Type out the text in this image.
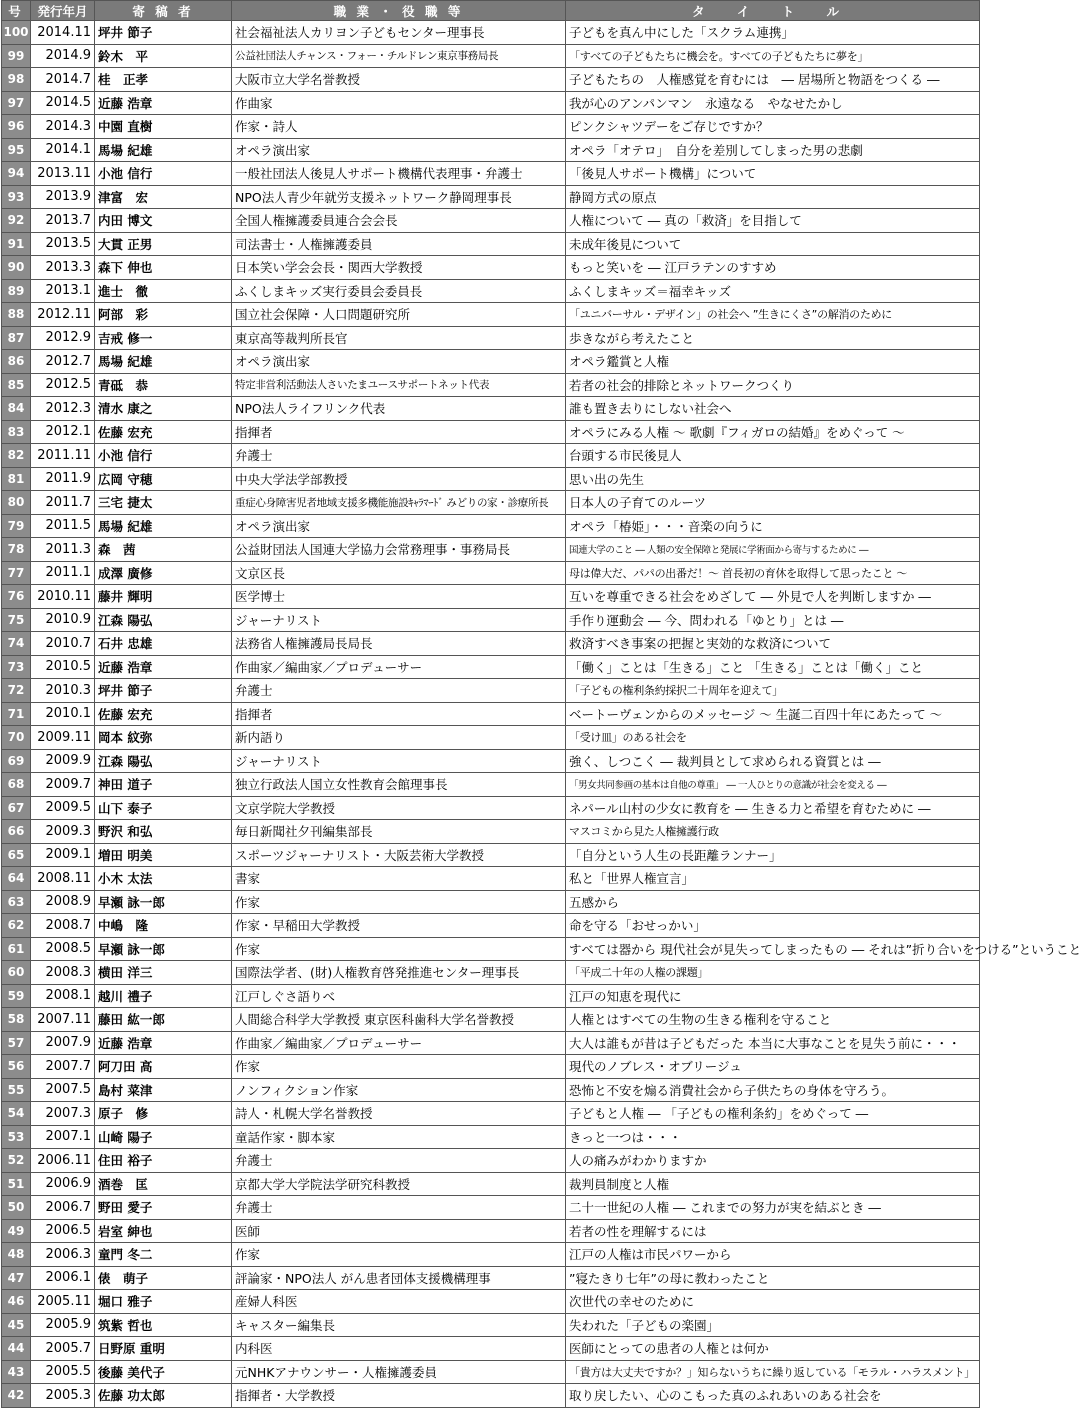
号	発行年月	寄 稿 者	職 業 ・ 役 職 等	タ イ ト ル
100	2014.11	坪井 節子	社会福祉法人カリヨン子どもセンター理事長	子どもを真ん中にした「スクラム連携」
99	2014.9	鈴木　平	公益社団法人チャンス・フォー・チルドレン東京事務局長	「すべての子どもたちに機会を。すべての子どもたちに夢を」
98	2014.7	桂　正孝	大阪市立大学名誉教授	子どもたちの　人権感覚を育むには　― 居場所と物語をつくる ―
97	2014.5	近藤 浩章	作曲家	我が心のアンパンマン　永遠なる　やなせたかし
96	2014.3	中園 直樹	作家・詩人	ピンクシャツデーをご存じですか？
95	2014.1	馬場 紀雄	オペラ演出家	オペラ「オテロ」　自分を差別してしまった男の悲劇
94	2013.11	小池 信行	一般社団法人後見人サポート機構代表理事・弁護士	「後見人サポート機構」について
93	2013.9	津富　宏	NPO法人青少年就労支援ネットワーク静岡理事長	静岡方式の原点
92	2013.7	内田 博文	全国人権擁護委員連合会会長	人権について ― 真の「救済」を目指して
91	2013.5	大貫 正男	司法書士・人権擁護委員	未成年後見について
90	2013.3	森下 伸也	日本笑い学会会長・関西大学教授	もっと笑いを ― 江戸ラテンのすすめ
89	2013.1	進士　徹	ふくしまキッズ実行委員会委員長	ふくしまキッズ＝福幸キッズ
88	2012.11	阿部　彩	国立社会保障・人口問題研究所	「ユニバーサル・デザイン」の社会へ ”生きにくさ”の解消のために
87	2012.9	吉戒 修一	東京高等裁判所長官	歩きながら考えたこと
86	2012.7	馬場 紀雄	オペラ演出家	オペラ鑑賞と人権
85	2012.5	青砥　恭	特定非営利活動法人さいたまユースサポートネット代表	若者の社会的排除とネットワークつくり
84	2012.3	清水 康之	NPO法人ライフリンク代表	誰も置き去りにしない社会へ
83	2012.1	佐藤 宏充	指揮者	オペラにみる人権 ～ 歌劇『フィガロの結婚』をめぐって ～
82	2011.11	小池 信行	弁護士	台頭する市民後見人
81	2011.9	広岡 守穂	中央大学法学部教授	思い出の先生
80	2011.7	三宅 捷太	重症心身障害児者地域支援多機能施設ｷｬﾗﾏｰﾄﾞ みどりの家・診療所長	日本人の子育てのルーツ
79	2011.5	馬場 紀雄	オペラ演出家	オペラ「椿姫」・・・音楽の向うに
78	2011.3	森　茜	公益財団法人国連大学協力会常務理事・事務局長	国連大学のこと ― 人類の安全保障と発展に学術面から寄与するために ―
77	2011.1	成澤 廣修	文京区長	母は偉大だ、パパの出番だ！～ 首長初の育休を取得して思ったこと ～
76	2010.11	藤井 輝明	医学博士	互いを尊重できる社会をめざして ― 外見で人を判断しますか ―
75	2010.9	江森 陽弘	ジャーナリスト	手作り運動会 ― 今、問われる「ゆとり」とは ―
74	2010.7	石井 忠雄	法務省人権擁護局長局長	救済すべき事案の把握と実効的な救済について
73	2010.5	近藤 浩章	作曲家／編曲家／プロデューサー	「働く」ことは「生きる」こと 「生きる」ことは「働く」こと
72	2010.3	坪井 節子	弁護士	「子どもの権利条約採択二十周年を迎えて」
71	2010.1	佐藤 宏充	指揮者	ベートーヴェンからのメッセージ ～ 生誕二百四十年にあたって ～
70	2009.11	岡本 紋弥	新内語り	「受け皿」のある社会を
69	2009.9	江森 陽弘	ジャーナリスト	強く、しつこく ― 裁判員として求められる資質とは ―
68	2009.7	神田 道子	独立行政法人国立女性教育会館理事長	「男女共同参画の基本は自他の尊重」 ― 一人ひとりの意識が社会を変える ―
67	2009.5	山下 泰子	文京学院大学教授	ネパール山村の少女に教育を ― 生きる力と希望を育むために ―
66	2009.3	野沢 和弘	毎日新聞社夕刊編集部長	マスコミから見た人権擁護行政
65	2009.1	増田 明美	スポーツジャーナリスト・大阪芸術大学教授	「自分という人生の長距離ランナー」
64	2008.11	小木 太法	書家	私と「世界人権宣言」
63	2008.9	早瀬 詠一郎	作家	五感から
62	2008.7	中嶋　隆	作家・早稲田大学教授	命を守る「おせっかい」
61	2008.5	早瀬 詠一郎	作家	すべては器から 現代社会が見失ってしまったもの ― それは”折り合いをつける”ということ
60	2008.3	横田 洋三	国際法学者、(財)人権教育啓発推進センター理事長	「平成二十年の人権の課題」
59	2008.1	越川 禮子	江戸しぐさ語りべ	江戸の知恵を現代に
58	2007.11	藤田 紘一郎	人間総合科学大学教授 東京医科歯科大学名誉教授	人権とはすべての生物の生きる権利を守ること
57	2007.9	近藤 浩章	作曲家／編曲家／プロデューサー	大人は誰もが昔は子どもだった 本当に大事なことを見失う前に・・・
56	2007.7	阿刀田 高	作家	現代のノブレス・オブリージュ
55	2007.5	島村 菜津	ノンフィクション作家	恐怖と不安を煽る消費社会から子供たちの身体を守ろう。
54	2007.3	原子　修	詩人・札幌大学名誉教授	子どもと人権 ― 「子どもの権利条約」をめぐって ―
53	2007.1	山崎 陽子	童話作家・脚本家	きっと一つは・・・
52	2006.11	住田 裕子	弁護士	人の痛みがわかりますか
51	2006.9	酒巻　匡	京都大学大学院法学研究科教授	裁判員制度と人権
50	2006.7	野田 愛子	弁護士	二十一世紀の人権 ― これまでの努力が実を結ぶとき ―
49	2006.5	岩室 紳也	医師	若者の性を理解するには
48	2006.3	童門 冬二	作家	江戸の人権は市民パワーから
47	2006.1	俵　萌子	評論家・NPO法人 がん患者団体支援機構理事	”寝たきり七年”の母に教わったこと
46	2005.11	堀口 雅子	産婦人科医	次世代の幸せのために
45	2005.9	筑紫 哲也	キャスター編集長	失われた「子どもの楽園」
44	2005.7	日野原 重明	内科医	医師にとっての患者の人権とは何か
43	2005.5	後藤 美代子	元NHKアナウンサー・人権擁護委員	「貴方は大丈夫ですか？」知らないうちに繰り返している「モラル・ハラスメント」
42	2005.3	佐藤 功太郎	指揮者・大学教授	取り戻したい、心のこもった真のふれあいのある社会を
